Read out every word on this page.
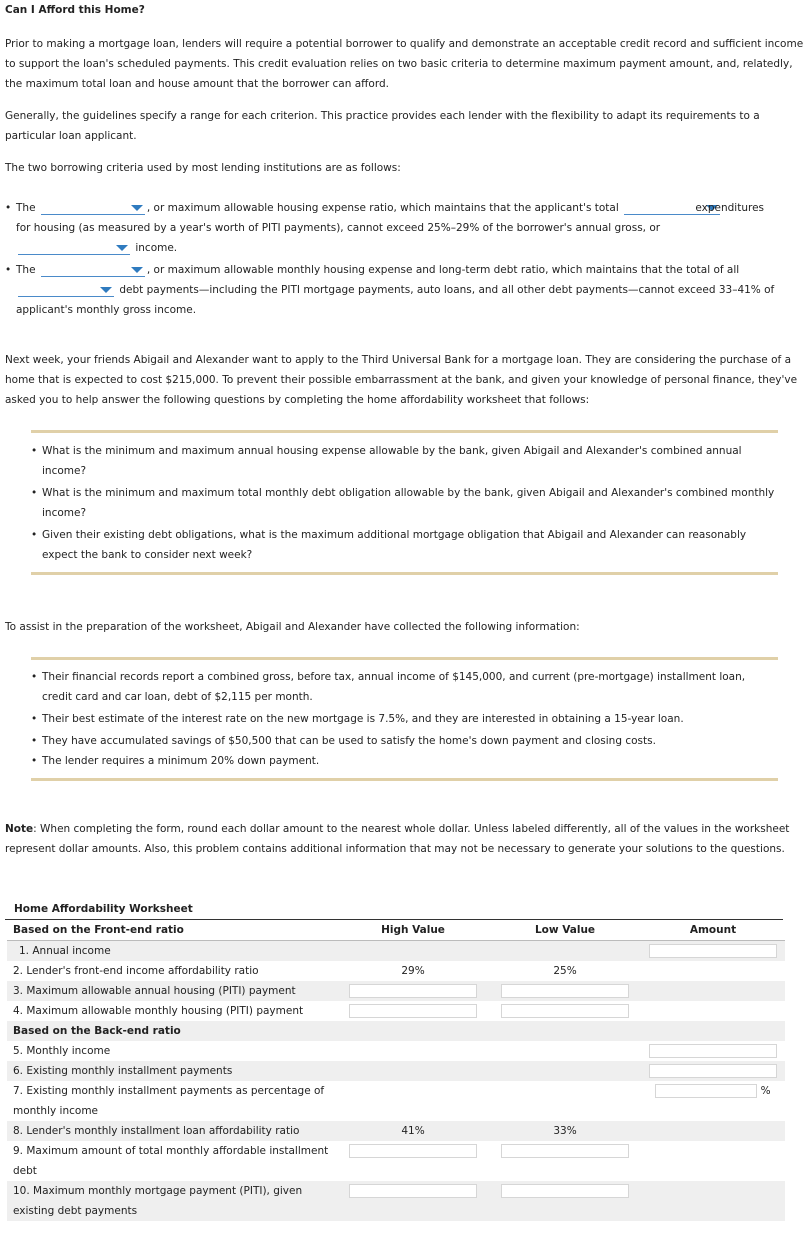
Can I Afford this Home?

Prior to making a mortgage loan, lenders will require a potential borrower to qualify and demonstrate an acceptable credit record and sufficient income to support the loan's scheduled payments. This credit evaluation relies on two basic criteria to determine maximum payment amount, and, relatedly, the maximum total loan and house amount that the borrower can afford.

Generally, the guidelines specify a range for each criterion. This practice provides each lender with the flexibility to adapt its requirements to a particular loan applicant.

The two borrowing criteria used by most lending institutions are as follows:

• The	, or maximum allowable housing expense ratio, which maintains that the applicant's total	expenditures
for housing (as measured by a year's worth of PITI payments), cannot exceed 25%–29% of the borrower's annual gross, or
income.
• The	, or maximum allowable monthly housing expense and long-term debt ratio, which maintains that the total of all
debt payments—including the PITI mortgage payments, auto loans, and all other debt payments—cannot exceed 33–41% of
applicant's monthly gross income.

Next week, your friends Abigail and Alexander want to apply to the Third Universal Bank for a mortgage loan. They are considering the purchase of a home that is expected to cost $215,000. To prevent their possible embarrassment at the bank, and given your knowledge of personal finance, they've asked you to help answer the following questions by completing the home affordability worksheet that follows:

• What is the minimum and maximum annual housing expense allowable by the bank, given Abigail and Alexander's combined annual income?
• What is the minimum and maximum total monthly debt obligation allowable by the bank, given Abigail and Alexander's combined monthly income?
• Given their existing debt obligations, what is the maximum additional mortgage obligation that Abigail and Alexander can reasonably expect the bank to consider next week?

To assist in the preparation of the worksheet, Abigail and Alexander have collected the following information:

• Their financial records report a combined gross, before tax, annual income of $145,000, and current (pre-mortgage) installment loan, credit card and car loan, debt of $2,115 per month.
• Their best estimate of the interest rate on the new mortgage is 7.5%, and they are interested in obtaining a 15-year loan.
• They have accumulated savings of $50,500 that can be used to satisfy the home's down payment and closing costs.
• The lender requires a minimum 20% down payment.

Note: When completing the form, round each dollar amount to the nearest whole dollar. Unless labeled differently, all of the values in the worksheet represent dollar amounts. Also, this problem contains additional information that may not be necessary to generate your solutions to the questions.

Home Affordability Worksheet
Based on the Front-end ratio	High Value	Low Value	Amount
1. Annual income			
2. Lender's front-end income affordability ratio	29%	25%	
3. Maximum allowable annual housing (PITI) payment			
4. Maximum allowable monthly housing (PITI) payment			
Based on the Back-end ratio			
5. Monthly income			
6. Existing monthly installment payments			

7. Existing monthly installment payments as percentage of
monthly income			%
8. Lender's monthly installment loan affordability ratio	41%	33%	

9. Maximum amount of total monthly affordable installment
debt			

10. Maximum monthly mortgage payment (PITI), given
existing debt payments			
